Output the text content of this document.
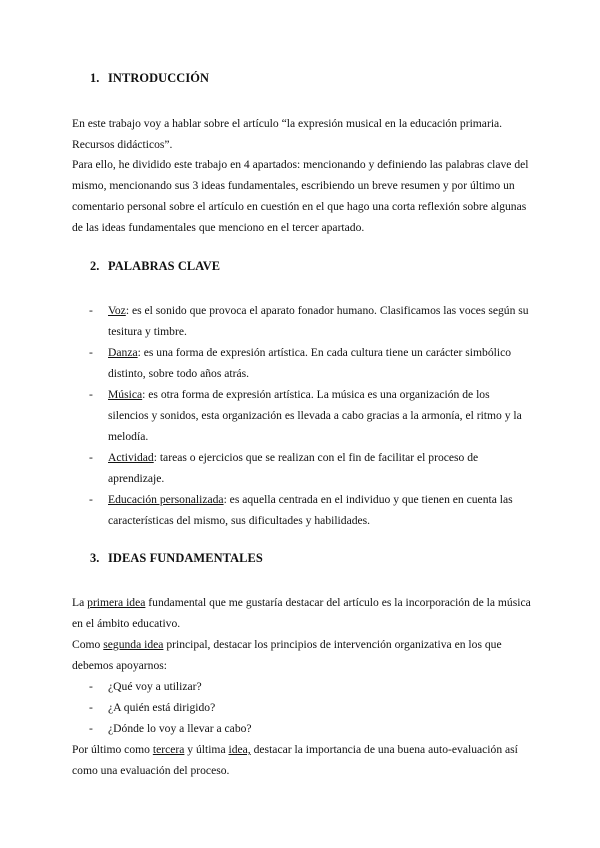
1. INTRODUCCIÓN

En este trabajo voy a hablar sobre el artículo “la expresión musical en la educación primaria. Recursos didácticos”.

Para ello, he dividido este trabajo en 4 apartados: mencionando y definiendo las palabras clave del mismo, mencionando sus 3 ideas fundamentales, escribiendo un breve resumen y por último un comentario personal sobre el artículo en cuestión en el que hago una corta reflexión sobre algunas de las ideas fundamentales que menciono en el tercer apartado.

2. PALABRAS CLAVE
- Voz: es el sonido que provoca el aparato fonador humano. Clasificamos las voces según su tesitura y timbre.
- Danza: es una forma de expresión artística. En cada cultura tiene un carácter simbólico distinto, sobre todo años atrás.
- Música: es otra forma de expresión artística. La música es una organización de los silencios y sonidos, esta organización es llevada a cabo gracias a la armonía, el ritmo y la melodía.
- Actividad: tareas o ejercicios que se realizan con el fin de facilitar el proceso de aprendizaje.
- Educación personalizada: es aquella centrada en el individuo y que tienen en cuenta las características del mismo, sus dificultades y habilidades.
3. IDEAS FUNDAMENTALES

La primera idea fundamental que me gustaría destacar del artículo es la incorporación de la música en el ámbito educativo.

Como segunda idea principal, destacar los principios de intervención organizativa en los que debemos apoyarnos:

- ¿Qué voy a utilizar?
- ¿A quién está dirigido?
- ¿Dónde lo voy a llevar a cabo?

Por último como tercera y última idea, destacar la importancia de una buena auto-evaluación así como una evaluación del proceso.
